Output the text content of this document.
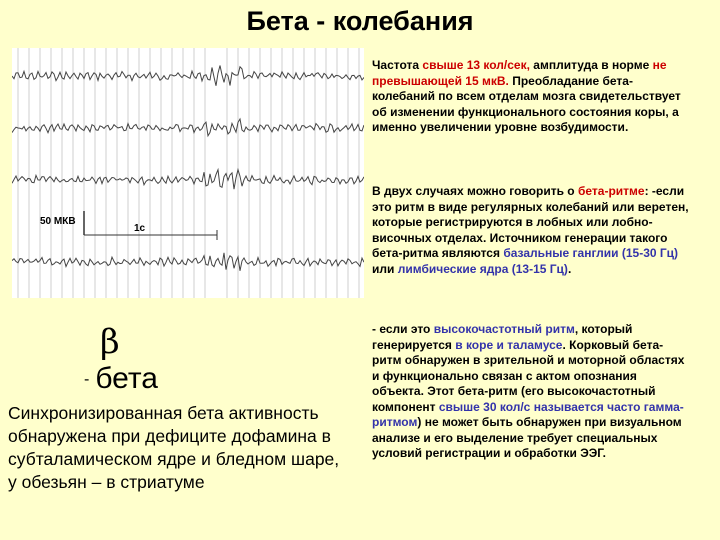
Бета - колебания
50 МКВ
1с
Частота свыше 13 кол/сек, амплитуда в норме не превышающей 15 мкВ. Преобладание бета-колебаний по всем отделам мозга свидетельствует об изменении функционального состояния коры, а именно увеличении уровне возбудимости.
В двух случаях можно говорить о бета-ритме: -если это ритм в виде регулярных колебаний или веретен, которые регистрируются в лобных или лобно-височных отделах. Источником генерации такого бета-ритма являются базальные ганглии (15-30 Гц) или лимбические ядра (13-15 Гц).
- если это высокочастотный ритм, который генерируется в коре и таламусе. Корковый бета-ритм обнаружен в зрительной и моторной областях и функционально связан с актом опознания объекта. Этот бета-ритм (его высокочастотный компонент свыше 30 кол/с называется часто гамма-ритмом) не может быть обнаружен при визуальном анализе и его выделение требует специальных условий регистрации и обработки ЭЭГ.
β
- бета
Синхронизированная бета активность обнаружена при дефиците дофамина в субталамическом ядре и бледном шаре, у обезьян – в стриатуме
